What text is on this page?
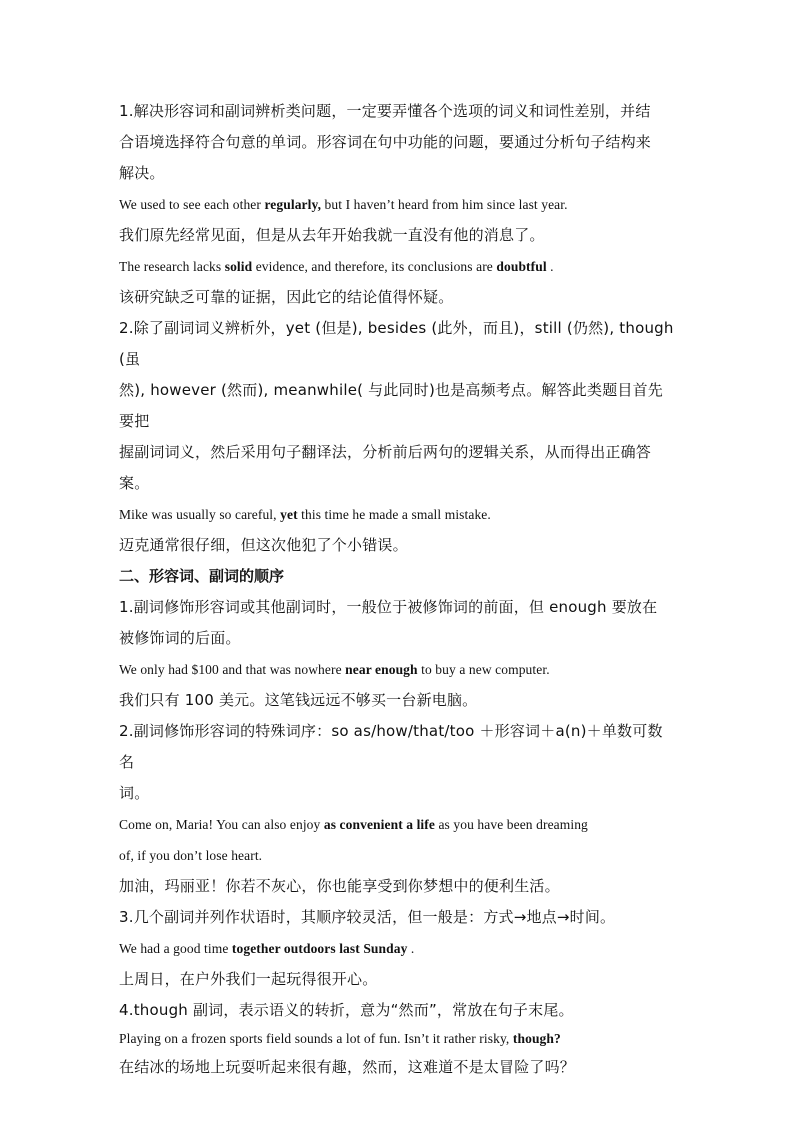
1.解决形容词和副词辨析类问题，一定要弄懂各个选项的词义和词性差别，并结

合语境选择符合句意的单词。形容词在句中功能的问题，要通过分析句子结构来

解决。

We used to see each other regularly, but I haven’t heard from him since last year.

我们原先经常见面，但是从去年开始我就一直没有他的消息了。

The research lacks solid evidence, and therefore, its conclusions are doubtful .

该研究缺乏可靠的证据，因此它的结论值得怀疑。

2.除了副词词义辨析外，yet (但是), besides (此外，而且)，still (仍然), though (虽

然), however (然而), meanwhile( 与此同时)也是高频考点。解答此类题目首先要把

握副词词义，然后采用句子翻译法，分析前后两句的逻辑关系，从而得出正确答

案。

Mike was usually so careful, yet this time he made a small mistake.

迈克通常很仔细，但这次他犯了个小错误。

二、形容词、副词的顺序

1.副词修饰形容词或其他副词时，一般位于被修饰词的前面，但 enough 要放在

被修饰词的后面。

We only had $100 and that was nowhere near enough to buy a new computer.

我们只有 100 美元。这笔钱远远不够买一台新电脑。

2.副词修饰形容词的特殊词序：so as/how/that/too ＋形容词＋a(n)＋单数可数名

词。

Come on, Maria! You can also enjoy as convenient a life as you have been dreaming

of, if you don’t lose heart.

加油，玛丽亚！你若不灰心，你也能享受到你梦想中的便利生活。

3.几个副词并列作状语时，其顺序较灵活，但一般是：方式→地点→时间。

We had a good time together outdoors last Sunday .

上周日，在户外我们一起玩得很开心。

4.though 副词，表示语义的转折，意为“然而”，常放在句子末尾。

Playing on a frozen sports field sounds a lot of fun. Isn’t it rather risky, though?

在结冰的场地上玩耍听起来很有趣，然而，这难道不是太冒险了吗？
